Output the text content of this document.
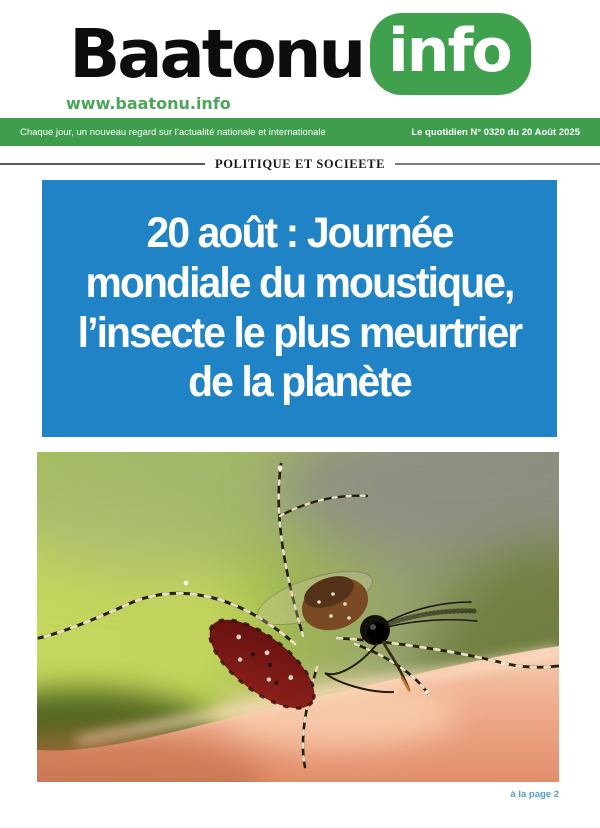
Baatonu info
www.baatonu.info
Chaque jour, un nouveau regard sur l’actualité nationale et internationale	Le quotidien N° 0320 du 20 Août 2025
POLITIQUE ET SOCIEETE
20 août : Journée
mondiale du moustique,
l’insecte le plus meurtrier
de la planète
à la page 2
